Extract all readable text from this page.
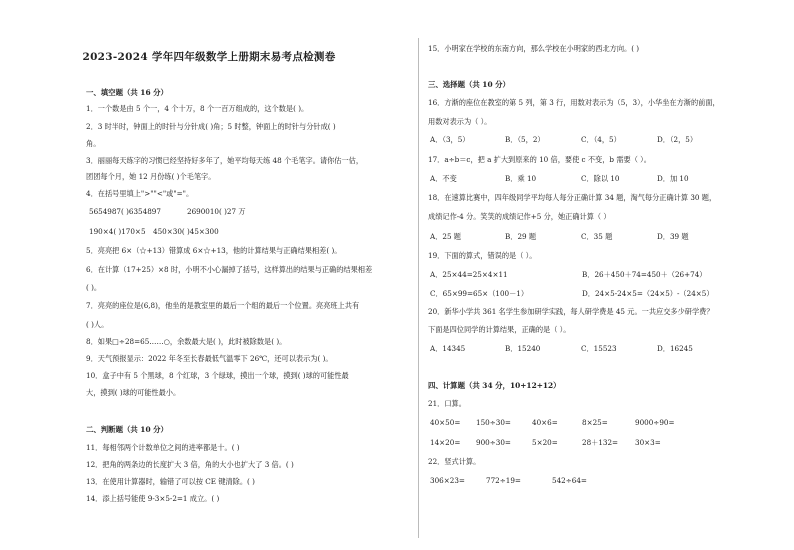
2023-2024 学年四年级数学上册期末易考点检测卷
一、填空题（共 16 分）
1．一个数是由 5 个一，4 个十万，8 个一百万组成的，这个数是( )。
2．3 时半时，钟面上的时针与分针成( )角；5 时整，钟面上的时针与分针成( )
角。
3．丽丽每天练字的习惯已经坚持好多年了，她平均每天练 48 个毛笔字。请你估一估，
团团每个月，她 12 月份练( )个毛笔字。
4．在括号里填上">""<"或"="。
5654987( )6354897	2690010( )27 万
190×4( )170×5 450×30( )45×300
5．亮亮把 6×（☆+13）错算成 6×☆+13，他的计算结果与正确结果相差( )。
6．在计算（17+25）×8 时，小明不小心漏掉了括号，这样算出的结果与正确的结果相差
( )。
7．亮亮的座位是(6,8)，他坐的是教室里的最后一个组的最后一个位置。亮亮班上共有
( )人。
8．如果□÷28=65……○，余数最大是( )，此时被除数是( )。
9．天气预报显示：2022 年冬至长春最低气温零下 26℃，还可以表示为( )。
10．盒子中有 5 个黑球，8 个红球，3 个绿球，摸出一个球，摸到( )球的可能性最
大，摸到( )球的可能性最小。
二、判断题（共 10 分）
11．每相邻两个计数单位之间的进率都是十。( )
12．把角的两条边的长度扩大 3 倍，角的大小也扩大了 3 倍。( )
13．在使用计算器时，输错了可以按 CE 键清除。( )
14．添上括号能使 9-3×5-2=1 成立。( )
15．小明家在学校的东南方向，那么学校在小明家的西北方向。( )
三、选择题（共 10 分）
16．方渐的座位在教室的第 5 列，第 3 行，用数对表示为（5，3），小华坐在方渐的前面，
用数对表示为（ ）。
A．（3，5）	B．（5，2）	C．（4，5）	D．（2，5）
17．a÷b＝c，把 a 扩大到原来的 10 倍，要使 c 不变，b 需要（ ）。
A．不变	B．乘 10	C．除以 10	D．加 10
18．在速算比赛中，四年级同学平均每人每分正确计算 34 题，淘气每分正确计算 30 题，
成绩记作-4 分。笑笑的成绩记作+5 分，她正确计算（ ）
A．25 题	B．29 题	C．35 题	D．39 题
19．下面的算式，错误的是（ ）。
A．25×44=25×4×11	B．26＋450＋74=450＋（26+74）
C．65×99=65×（100－1）	D．24×5-24×5=（24×5）-（24×5）
20．新华小学共 361 名学生参加研学实践，每人研学费是 45 元。一共应交多少研学费？
下面是四位同学的计算结果，正确的是（ ）。
A．14345	B．15240	C．15523	D．16245
四、计算题（共 34 分，10+12+12）
21．口算。
40×50= 150÷30=	40×6=	8×25=	9000÷90=
14×20= 900÷30=	5×20=	28＋132= 30×3=
22．竖式计算。
306×23=	772÷19=	542÷64=
